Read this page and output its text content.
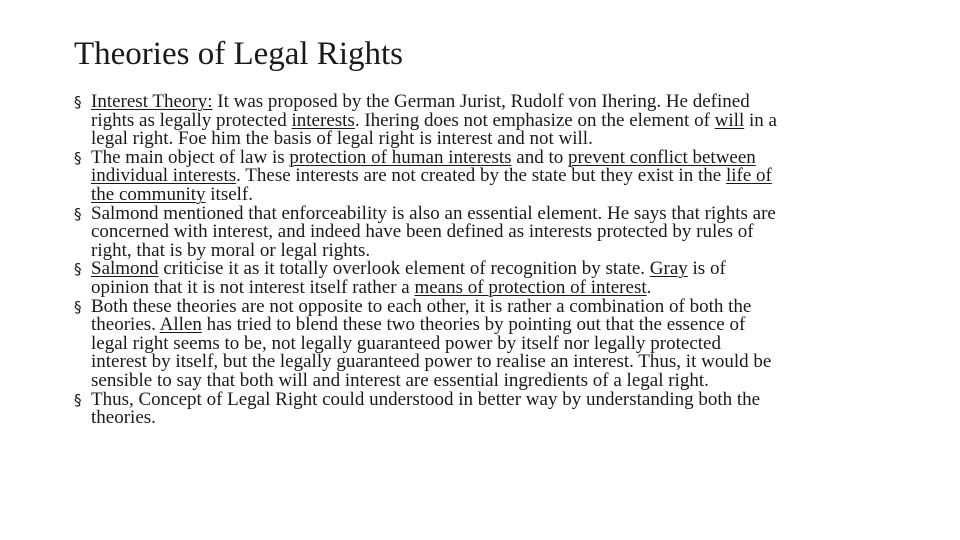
Theories of Legal Rights
§ Interest Theory: It was proposed by the German Jurist, Rudolf von Ihering. He defined
rights as legally protected interests. Ihering does not emphasize on the element of will in a
legal right. Foe him the basis of legal right is interest and not will.
§ The main object of law is protection of human interests and to prevent conflict between
individual interests. These interests are not created by the state but they exist in the life of
the community itself.
§ Salmond mentioned that enforceability is also an essential element. He says that rights are
concerned with interest, and indeed have been defined as interests protected by rules of
right, that is by moral or legal rights.
§ Salmond criticise it as it totally overlook element of recognition by state. Gray is of
opinion that it is not interest itself rather a means of protection of interest.
§ Both these theories are not opposite to each other, it is rather a combination of both the
theories. Allen has tried to blend these two theories by pointing out that the essence of
legal right seems to be, not legally guaranteed power by itself nor legally protected
interest by itself, but the legally guaranteed power to realise an interest. Thus, it would be
sensible to say that both will and interest are essential ingredients of a legal right.
§ Thus, Concept of Legal Right could understood in better way by understanding both the
theories.
